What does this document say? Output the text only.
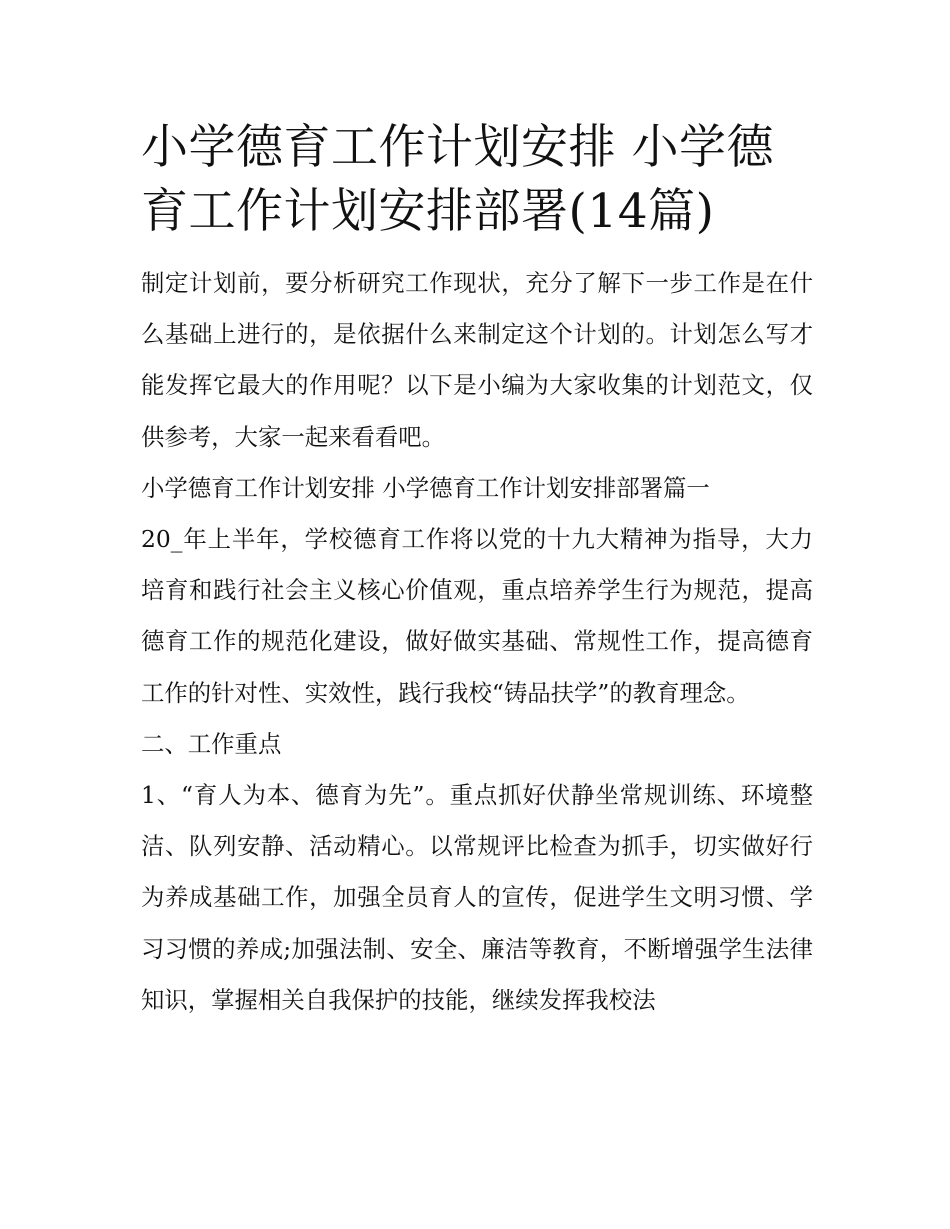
小学德育工作计划安排 小学德育工作计划安排部署(14篇)

制定计划前，要分析研究工作现状，充分了解下一步工作是在什么基础上进行的，是依据什么来制定这个计划的。计划怎么写才能发挥它最大的作用呢？以下是小编为大家收集的计划范文，仅供参考，大家一起来看看吧。

小学德育工作计划安排 小学德育工作计划安排部署篇一

20_年上半年，学校德育工作将以党的十九大精神为指导，大力培育和践行社会主义核心价值观，重点培养学生行为规范，提高德育工作的规范化建设，做好做实基础、常规性工作，提高德育工作的针对性、实效性，践行我校“铸品扶学”的教育理念。

二、工作重点

1、“育人为本、德育为先”。重点抓好伏静坐常规训练、环境整洁、队列安静、活动精心。以常规评比检查为抓手，切实做好行为养成基础工作，加强全员育人的宣传，促进学生文明习惯、学习习惯的养成;加强法制、安全、廉洁等教育，不断增强学生法律知识，掌握相关自我保护的技能，继续发挥我校法
